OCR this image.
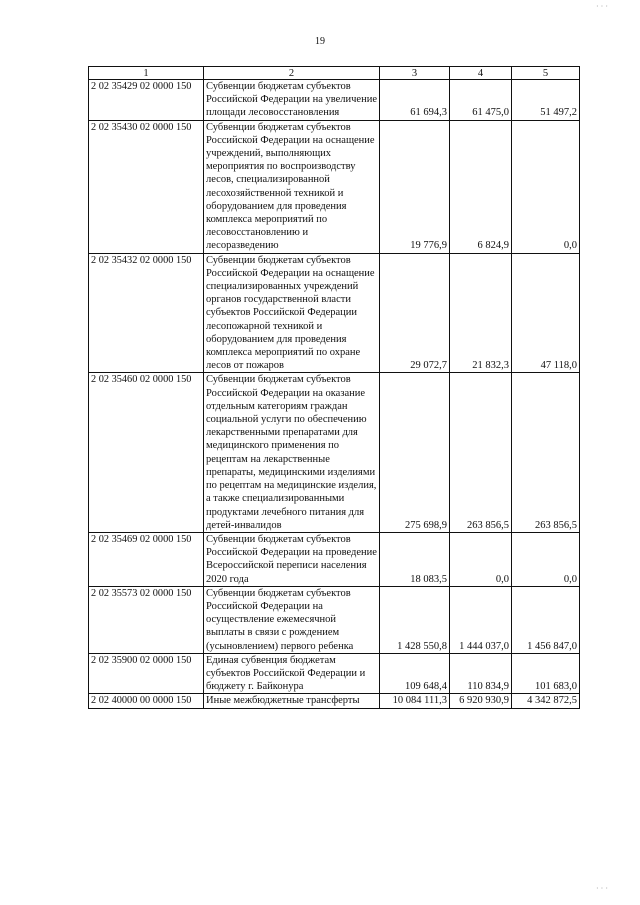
19
1	2	3	4	5
2 02 35429 02 0000 150	Субвенции бюджетам субъектов Российской Федерации на увеличение площади лесовосстановления	61 694,3	61 475,0	51 497,2
2 02 35430 02 0000 150	Субвенции бюджетам субъектов Российской Федерации на оснащение учреждений, выполняющих мероприятия по воспроизводству лесов, специализированной лесохозяйственной техникой и оборудованием для проведения комплекса мероприятий по лесовосстановлению и лесоразведению	19 776,9	6 824,9	0,0
2 02 35432 02 0000 150	Субвенции бюджетам субъектов Российской Федерации на оснащение специализированных учреждений органов государственной власти субъектов Российской Федерации лесопожарной техникой и оборудованием для проведения комплекса мероприятий по охране лесов от пожаров	29 072,7	21 832,3	47 118,0
2 02 35460 02 0000 150	Субвенции бюджетам субъектов Российской Федерации на оказание отдельным категориям граждан социальной услуги по обеспечению лекарственными препаратами для медицинского применения по рецептам на лекарственные препараты, медицинскими изделиями по рецептам на медицинские изделия, а также специализированными продуктами лечебного питания для детей-инвалидов	275 698,9	263 856,5	263 856,5
2 02 35469 02 0000 150	Субвенции бюджетам субъектов Российской Федерации на проведение Всероссийской переписи населения 2020 года	18 083,5	0,0	0,0
2 02 35573 02 0000 150	Субвенции бюджетам субъектов Российской Федерации на осуществление ежемесячной выплаты в связи с рождением (усыновлением) первого ребенка	1 428 550,8	1 444 037,0	1 456 847,0
2 02 35900 02 0000 150	Единая субвенция бюджетам субъектов Российской Федерации и бюджету г. Байконура	109 648,4	110 834,9	101 683,0
2 02 40000 00 0000 150	Иные межбюджетные трансферты	10 084 111,3	6 920 930,9	4 342 872,5
· · ·
· · ·
